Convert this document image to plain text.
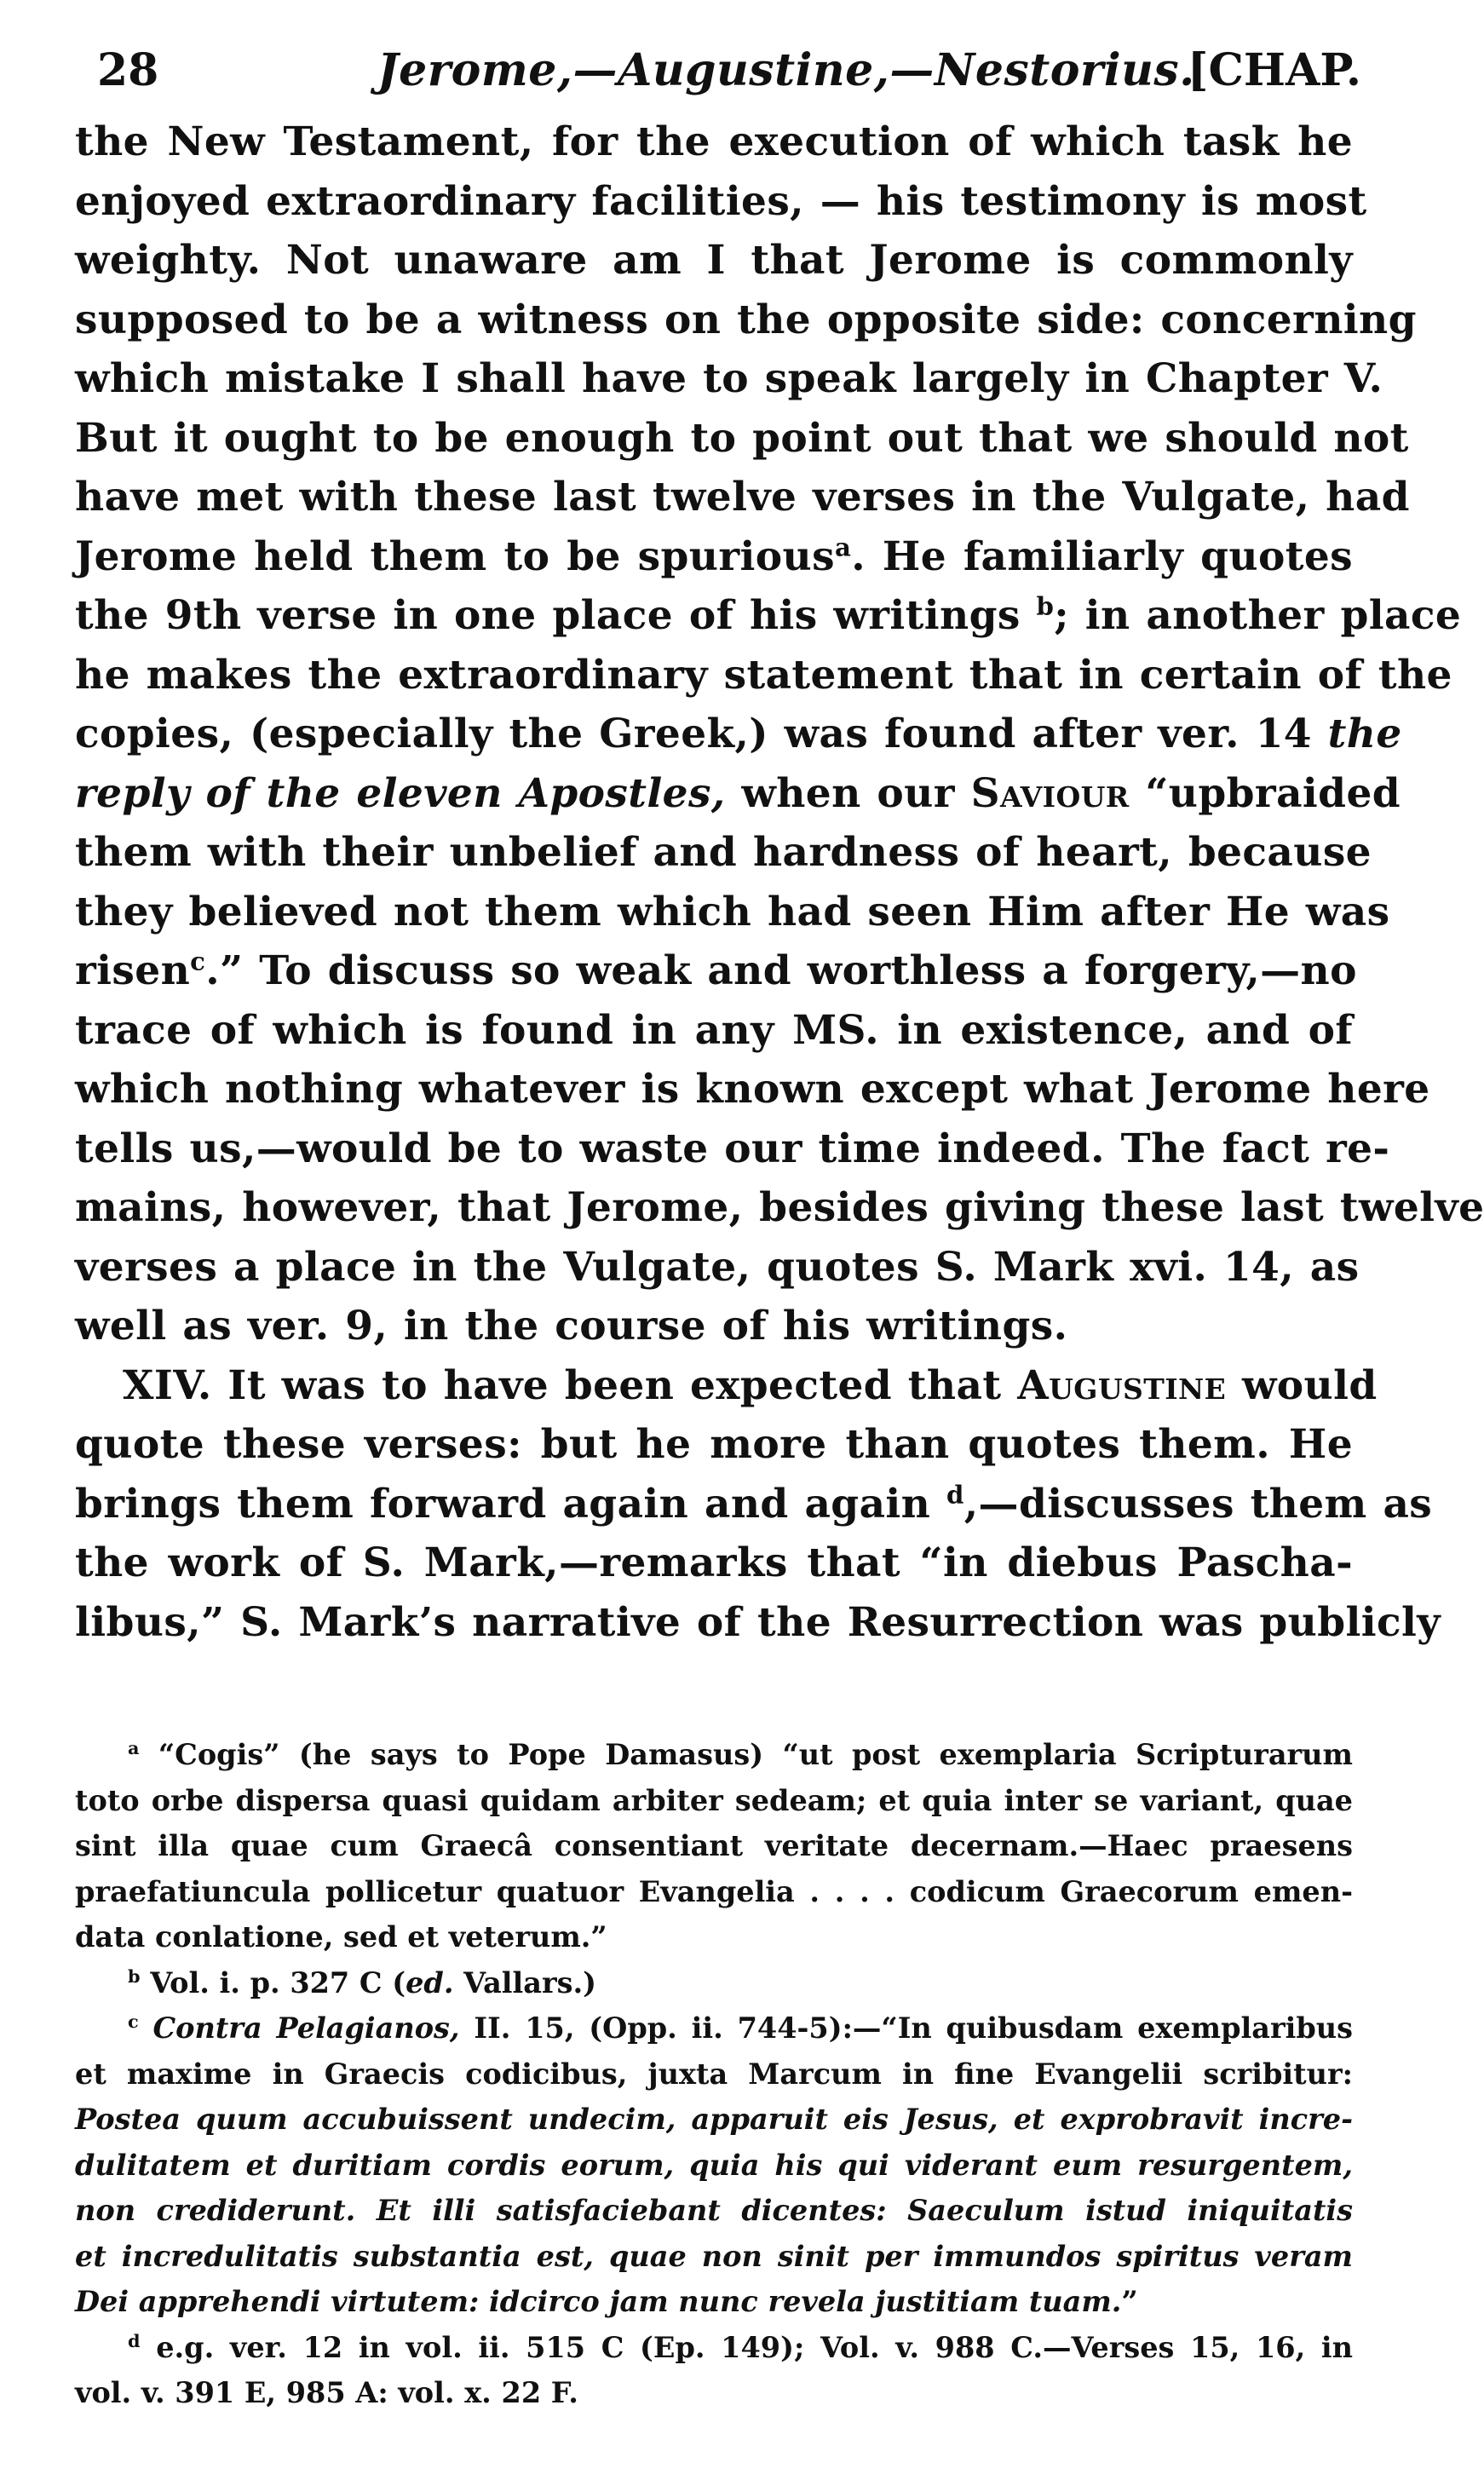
28	Jerome,—Augustine,—Nestorius.
[CHAP.
the New Testament, for the execution of which task he
enjoyed extraordinary facilities, — his testimony is most
weighty. Not unaware am I that Jerome is commonly
supposed to be a witness on the opposite side: concerning
which mistake I shall have to speak largely in Chapter V.
But it ought to be enough to point out that we should not
have met with these last twelve verses in the Vulgate, had
Jerome held them to be spurious$^a$. He familiarly quotes
the 9th verse in one place of his writings $^b$; in another place
he makes the extraordinary statement that in certain of the
copies, (especially the Greek,) was found after ver. 14 the
reply of the eleven Apostles, when our Saviour “upbraided
them with their unbelief and hardness of heart, because
they believed not them which had seen Him after He was
risen$^c$.” To discuss so weak and worthless a forgery,—no
trace of which is found in any MS. in existence, and of
which nothing whatever is known except what Jerome here
tells us,—would be to waste our time indeed. The fact re-
mains, however, that Jerome, besides giving these last twelve
verses a place in the Vulgate, quotes S. Mark xvi. 14, as
well as ver. 9, in the course of his writings.
XIV. It was to have been expected that Augustine would
quote these verses: but he more than quotes them. He
brings them forward again and again $^d$,—discusses them as
the work of S. Mark,—remarks that “in diebus Pascha-
libus,” S. Mark’s narrative of the Resurrection was publicly
$^a$ “Cogis” (he says to Pope Damasus) “ut post exemplaria Scripturarum
toto orbe dispersa quasi quidam arbiter sedeam; et quia inter se variant, quae
sint illa quae cum Graecâ consentiant veritate decernam.—Haec praesens
praefatiuncula pollicetur quatuor Evangelia . . . . codicum Graecorum emen-
data conlatione, sed et veterum.”
$^b$ Vol. i. p. 327 C (ed. Vallars.)
$^c$ Contra Pelagianos, II. 15, (Opp. ii. 744-5):—“In quibusdam exemplaribus
et maxime in Graecis codicibus, juxta Marcum in fine Evangelii scribitur:
Postea quum accubuissent undecim, apparuit eis Jesus, et exprobravit incre-
dulitatem et duritiam cordis eorum, quia his qui viderant eum resurgentem,
non crediderunt. Et illi satisfaciebant dicentes: Saeculum istud iniquitatis
et incredulitatis substantia est, quae non sinit per immundos spiritus veram
Dei apprehendi virtutem: idcirco jam nunc revela justitiam tuam.”
$^d$ e.g. ver. 12 in vol. ii. 515 C (Ep. 149); Vol. v. 988 C.—Verses 15, 16, in
vol. v. 391 E, 985 A: vol. x. 22 F.
